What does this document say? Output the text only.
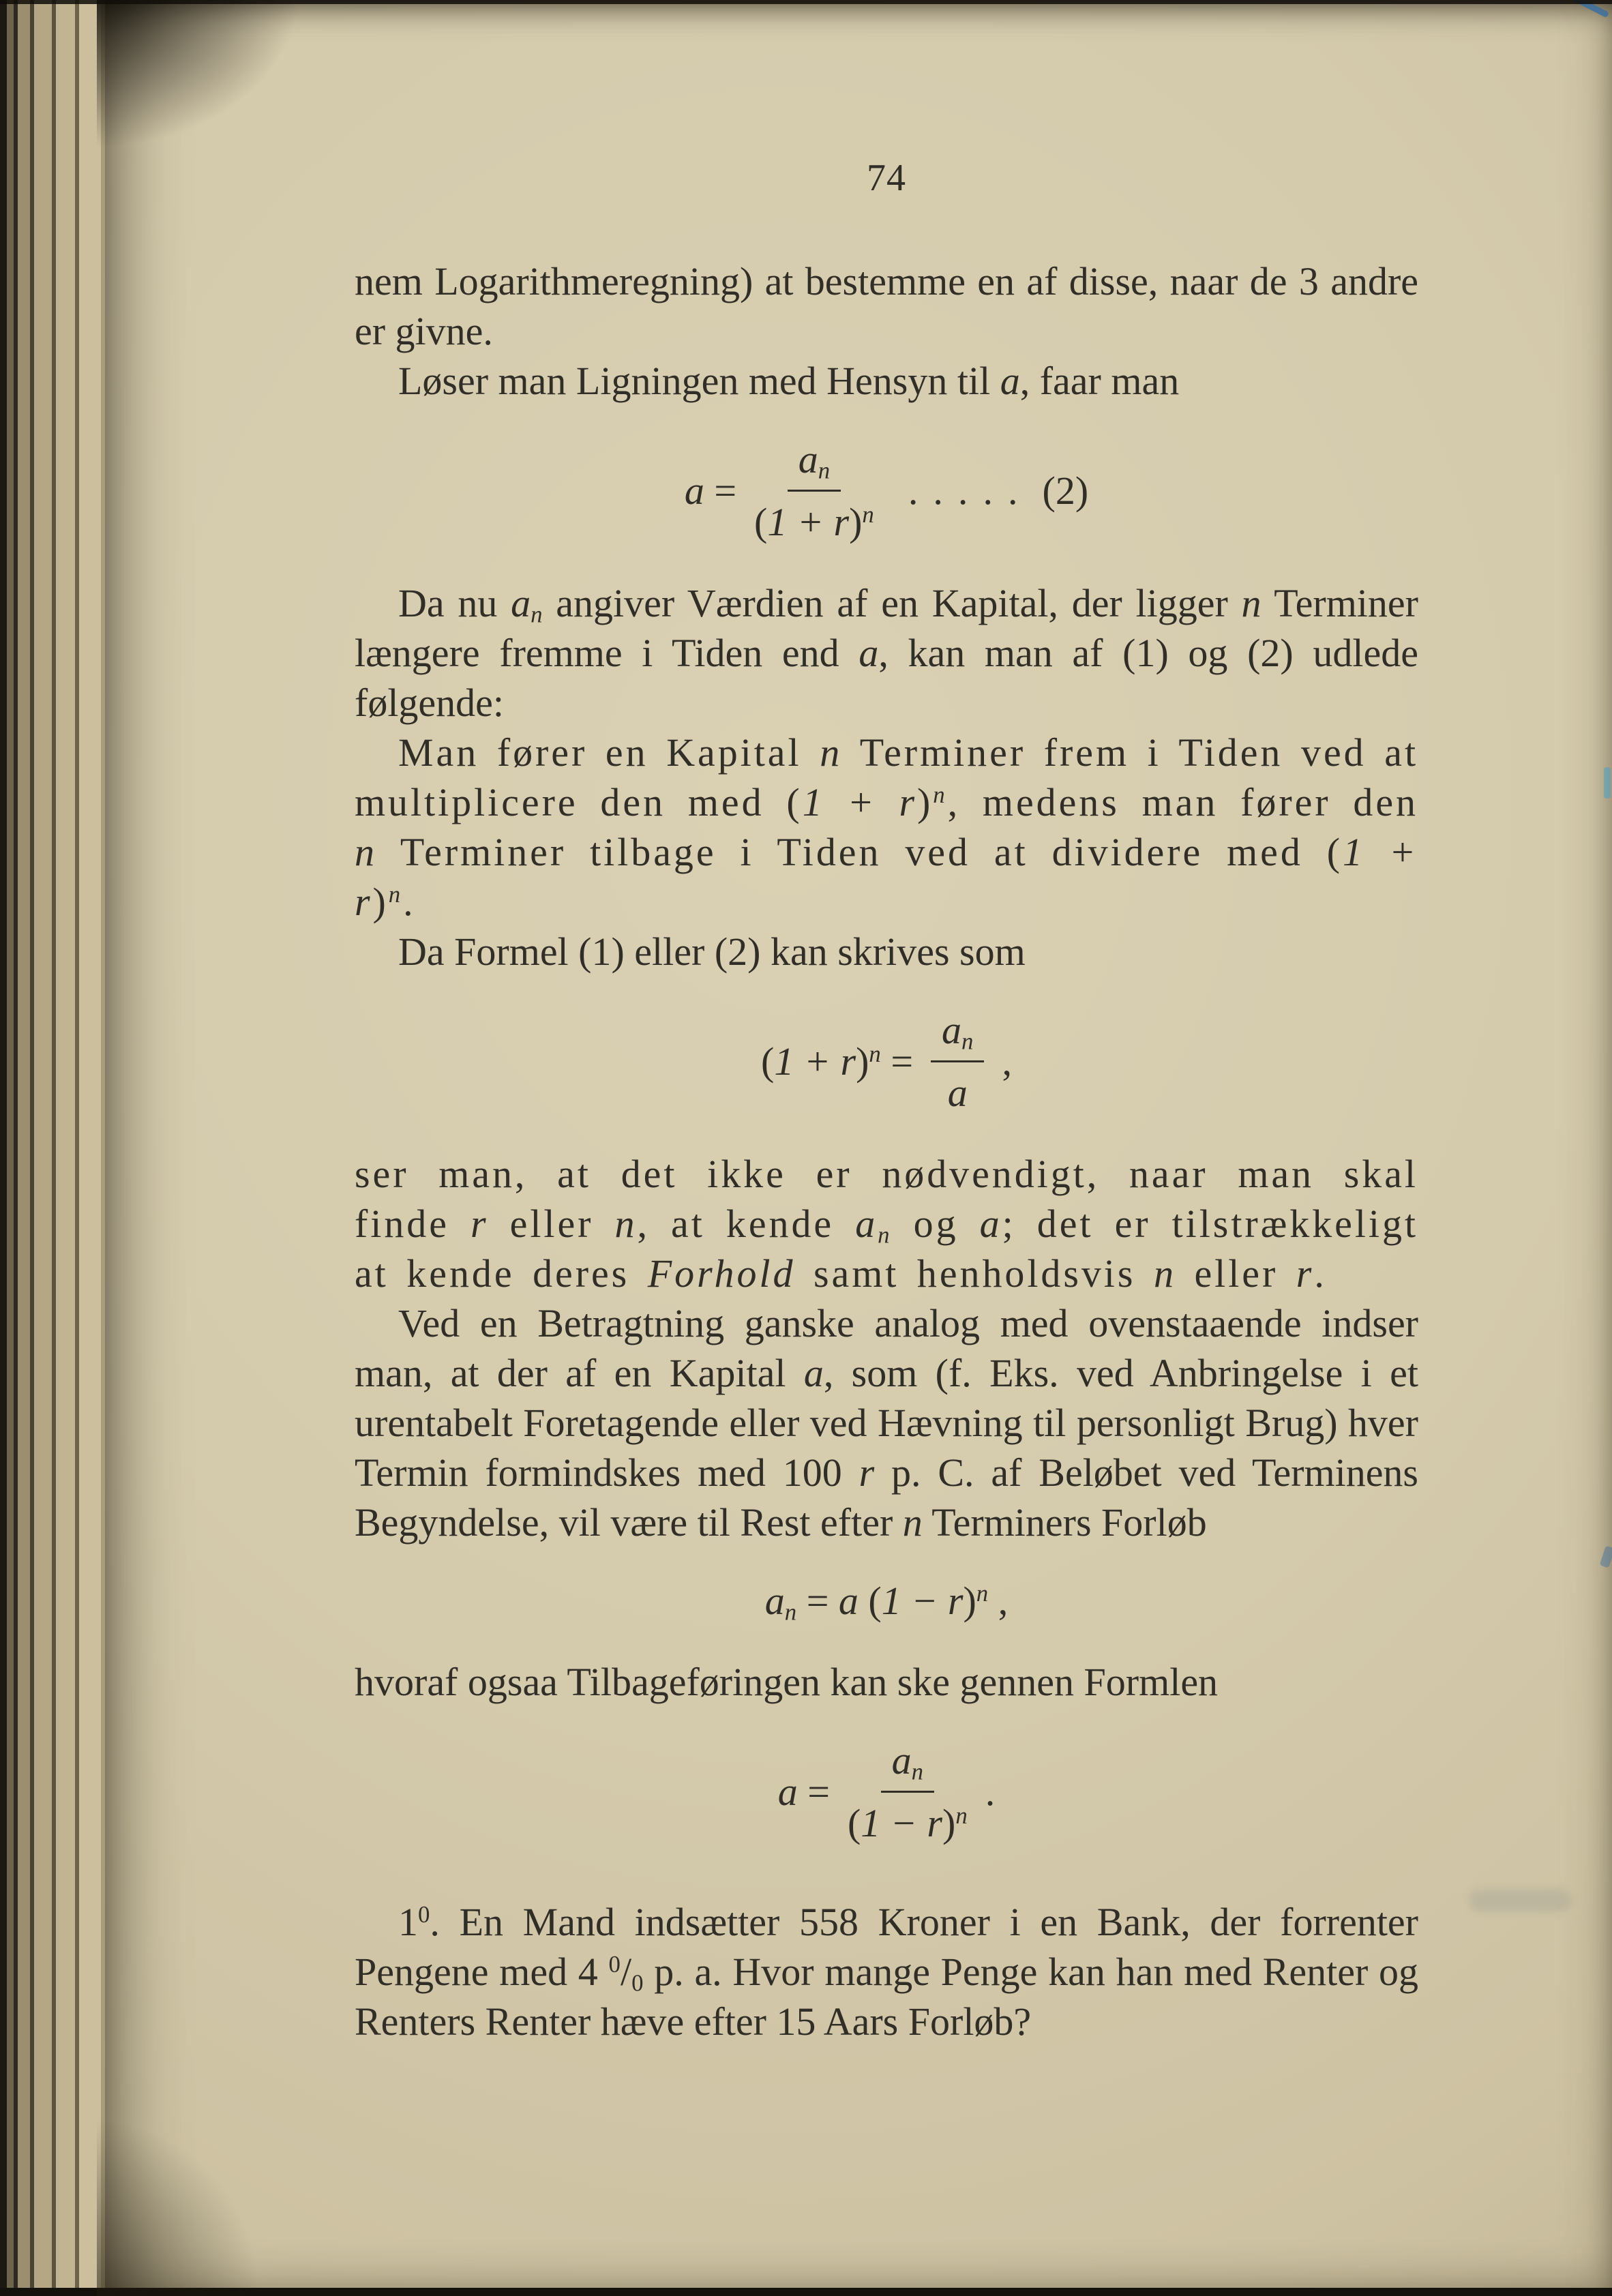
74

nem Logarithmeregning) at bestemme en af disse, naar de 3 andre er givne.

Løser man Ligningen med Hensyn til a, faar man

$a = \frac{a_n}{(1 + r)^n}$ ..... (2)

Da nu $a_n$ angiver Værdien af en Kapital, der ligger n Terminer længere fremme i Tiden end a, kan man af (1) og (2) udlede følgende:

Man fører en Kapital n Terminer frem i Tiden ved at multiplicere den med $(1 + r)^n$, medens man fører den n Terminer tilbage i Tiden ved at dividere med $(1 + r)^n$.

Da Formel (1) eller (2) kan skrives som

$(1 + r)^n = \frac{a_n}{a}$ ,

ser man, at det ikke er nødvendigt, naar man skal finde r eller n, at kende $a_n$ og a; det er tilstrækkeligt at kende deres Forhold samt henholdsvis n eller r.

Ved en Betragtning ganske analog med ovenstaaende indser man, at der af en Kapital a, som (f. Eks. ved Anbringelse i et urentabelt Foretagende eller ved Hævning til personligt Brug) hver Termin formindskes med 100 r p. C. af Beløbet ved Terminens Begyndelse, vil være til Rest efter n Terminers Forløb

$a_n = a$ $(1 - r)^n$ ,

hvoraf ogsaa Tilbageføringen kan ske gennen Formlen

$a = \frac{a_n}{(1 - r)^n}$ .

$1^0$. En Mand indsætter 558 Kroner i en Bank, der forrenter Pengene med 4 $^0/_0$ p. a. Hvor mange Penge kan han med Renter og Renters Renter hæve efter 15 Aars Forløb?
